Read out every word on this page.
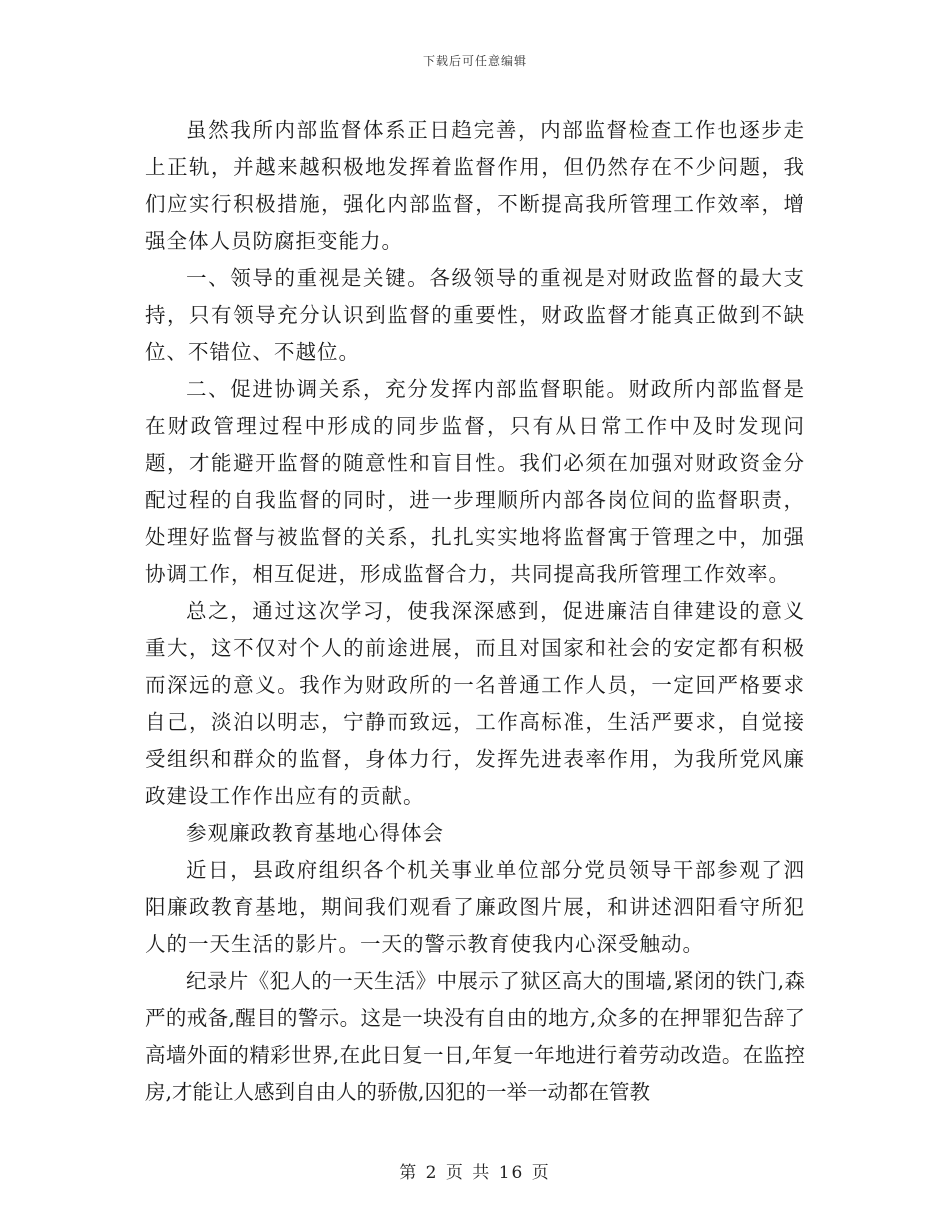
下载后可任意编辑

虽然我所内部监督体系正日趋完善，内部监督检查工作也逐步走上正轨，并越来越积极地发挥着监督作用，但仍然存在不少问题，我们应实行积极措施，强化内部监督，不断提高我所管理工作效率，增强全体人员防腐拒变能力。

一、领导的重视是关键。各级领导的重视是对财政监督的最大支持，只有领导充分认识到监督的重要性，财政监督才能真正做到不缺位、不错位、不越位。

二、促进协调关系，充分发挥内部监督职能。财政所内部监督是在财政管理过程中形成的同步监督，只有从日常工作中及时发现问题，才能避开监督的随意性和盲目性。我们必须在加强对财政资金分配过程的自我监督的同时，进一步理顺所内部各岗位间的监督职责，处理好监督与被监督的关系，扎扎实实地将监督寓于管理之中，加强协调工作，相互促进，形成监督合力，共同提高我所管理工作效率。

总之，通过这次学习，使我深深感到，促进廉洁自律建设的意义重大，这不仅对个人的前途进展，而且对国家和社会的安定都有积极而深远的意义。我作为财政所的一名普通工作人员，一定回严格要求自己，淡泊以明志，宁静而致远，工作高标准，生活严要求，自觉接受组织和群众的监督，身体力行，发挥先进表率作用，为我所党风廉政建设工作作出应有的贡献。

参观廉政教育基地心得体会

近日，县政府组织各个机关事业单位部分党员领导干部参观了泗阳廉政教育基地，期间我们观看了廉政图片展，和讲述泗阳看守所犯人的一天生活的影片。一天的警示教育使我内心深受触动。

纪录片《犯人的一天生活》中展示了狱区高大的围墙,紧闭的铁门,森严的戒备,醒目的警示。这是一块没有自由的地方,众多的在押罪犯告辞了高墙外面的精彩世界,在此日复一日,年复一年地进行着劳动改造。在监控房,才能让人感到自由人的骄傲,囚犯的一举一动都在管教

第 2 页 共 16 页
